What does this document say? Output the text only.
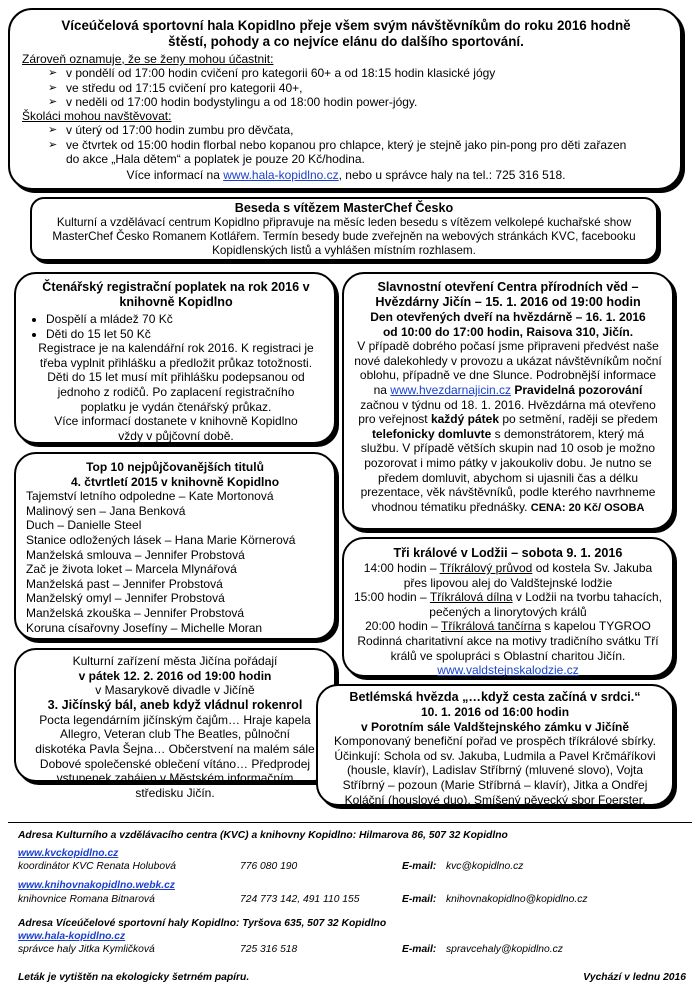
Víceúčelová sportovní hala Kopidlno přeje všem svým návštěvníkům do roku 2016 hodně štěstí, pohody a co nejvíce elánu do dalšího sportování.

Zároveň oznamuje, že se ženy mohou účastnit:

➢ v pondělí od 17:00 hodin cvičení pro kategorii 60+ a od 18:15 hodin klasické jógy
➢ ve středu od 17:15 cvičení pro kategorii 40+,
➢ v neděli od 17:00 hodin bodystylingu a od 18:00 hodin power-jógy.

Školáci mohou navštěvovat:

➢ v úterý od 17:00 hodin zumbu pro děvčata,
➢ ve čtvrtek od 15:00 hodin florbal nebo kopanou pro chlapce, který je stejně jako pin-pong pro děti zařazen do akce „Hala dětem“ a poplatek je pouze 20 Kč/hodina.

Více informací na www.hala-kopidlno.cz, nebo u správce haly na tel.: 725 316 518.

Beseda s vítězem MasterChef Česko

Kulturní a vzdělávací centrum Kopidlno připravuje na měsíc leden besedu s vítězem velkolepé kuchařské show MasterChef Česko Romanem Kotlářem. Termín besedy bude zveřejněn na webových stránkách KVC, facebooku Kopidlenských listů a vyhlášen místním rozhlasem.

Čtenářský registrační poplatek na rok 2016 v knihovně Kopidlno

• Dospělí a mládež 70 Kč
• Děti do 15 let 50 Kč

Registrace je na kalendářní rok 2016. K registraci je třeba vyplnit přihlášku a předložit průkaz totožnosti.

Děti do 15 let musí mít přihlášku podepsanou od jednoho z rodičů. Po zaplacení registračního poplatku je vydán čtenářský průkaz.

Více informací dostanete v knihovně Kopidlno vždy v půjčovní době.

Top 10 nejpůjčovanějších titulů

4. čtvrtletí 2015 v knihovně Kopidlno

Tajemství letního odpoledne – Kate Mortonová

Malinový sen – Jana Benková

Duch – Danielle Steel

Stanice odložených lásek – Hana Marie Körnerová

Manželská smlouva – Jennifer Probstová

Zač je života loket – Marcela Mlynářová

Manželská past – Jennifer Probstová

Manželský omyl – Jennifer Probstová

Manželská zkouška – Jennifer Probstová

Koruna císařovny Josefíny – Michelle Moran

Kulturní zařízení města Jičína pořádají

v pátek 12. 2. 2016 od 19:00 hodin

v Masarykově divadle v Jičíně

3. Jičínský bál, aneb když vládnul rokenrol

Pocta legendárním jičínským čajům… Hraje kapela Allegro, Veteran club The Beatles, půlnoční diskotéka Pavla Šejna… Občerstvení na malém sále Dobové společenské oblečení vítáno… Předprodej vstupenek zahájen v Městském informačním středisku Jičín.

Slavnostní otevření Centra přírodních věd – Hvězdárny Jičín – 15. 1. 2016 od 19:00 hodin

Den otevřených dveří na hvězdárně – 16. 1. 2016 od 10:00 do 17:00 hodin, Raisova 310, Jičín.

V případě dobrého počasí jsme připraveni předvést naše nové dalekohledy v provozu a ukázat návštěvníkům noční oblohu, případně ve dne Slunce. Podrobnější informace na www.hvezdarnajicin.cz Pravidelná pozorování začnou v týdnu od 18. 1. 2016. Hvězdárna má otevřeno pro veřejnost každý pátek po setmění, raději se předem telefonicky domluvte s demonstrátorem, který má službu. V případě větších skupin nad 10 osob je možno pozorovat i mimo pátky v jakoukoliv dobu. Je nutno se předem domluvit, abychom si ujasnili čas a délku prezentace, věk návštěvníků, podle kterého navrhneme vhodnou tématiku přednášky. CENA: 20 Kč/ OSOBA

Tři králové v Lodžii – sobota 9. 1. 2016

14:00 hodin – Tříkrálový průvod od kostela Sv. Jakuba přes lipovou alej do Valdštejnské lodžie

15:00 hodin – Tříkrálová dílna v Lodžii na tvorbu tahacích, pečených a linorytových králů

20:00 hodin – Tříkrálová tančírna s kapelou TYGROO

Rodinná charitativní akce na motivy tradičního svátku Tří králů ve spolupráci s Oblastní charitou Jičín.

www.valdstejnskalodzie.cz

Betlémská hvězda „…když cesta začíná v srdci.“

10. 1. 2016 od 16:00 hodin

v Porotním sále Valdštejnského zámku v Jičíně

Komponovaný benefiční pořad ve prospěch tříkrálové sbírky. Účinkují: Schola od sv. Jakuba, Ludmila a Pavel Krčmáříkovi (housle, klavír), Ladislav Stříbrný (mluvené slovo), Vojta Stříbrný – pozoun (Marie Stříbrná – klavír), Jitka a Ondřej Koláční (houslové duo), Smíšený pěvecký sbor Foerster.

Adresa Kulturního a vzdělávacího centra (KVC) a knihovny Kopidlno: Hilmarova 86, 507 32 Kopidlno

www.kvckopidlno.cz

koordinátor KVC Renata Holubová	776 080 190	E-mail: kvc@kopidlno.cz

www.knihovnakopidlno.webk.cz

knihovnice Romana Bitnarová	724 773 142, 491 110 155	E-mail: knihovnakopidlno@kopidlno.cz

Adresa Víceúčelové sportovní haly Kopidlno: Tyršova 635, 507 32 Kopidlno

www.hala-kopidlno.cz

správce haly Jitka Kymličková	725 316 518	E-mail: spravcehaly@kopidlno.cz

Leták je vytištěn na ekologicky šetrném papíru.	Vychází v lednu 2016
